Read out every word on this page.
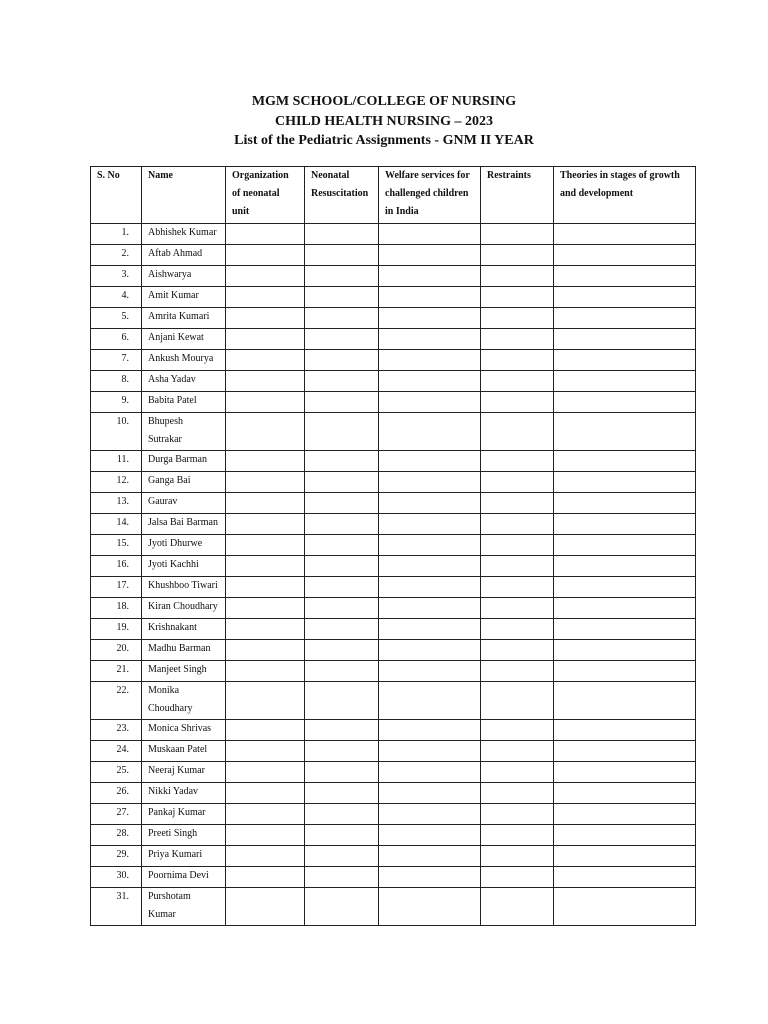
MGM SCHOOL/COLLEGE OF NURSING
CHILD HEALTH NURSING – 2023
List of the Pediatric Assignments - GNM II YEAR
S. No	Name	Organization of neonatal unit	Neonatal Resuscitation	Welfare services for challenged children in India	Restraints	Theories in stages of growth and development
1.	Abhishek Kumar					
2.	Aftab Ahmad					
3.	Aishwarya					
4.	Amit Kumar					
5.	Amrita Kumari					
6.	Anjani Kewat					
7.	Ankush Mourya					
8.	Asha Yadav					
9.	Babita Patel					
10.	Bhupesh Sutrakar					
11.	Durga Barman					
12.	Ganga Bai					
13.	Gaurav					
14.	Jalsa Bai Barman					
15.	Jyoti Dhurwe					
16.	Jyoti Kachhi					
17.	Khushboo Tiwari					
18.	Kiran Choudhary					
19.	Krishnakant					
20.	Madhu Barman					
21.	Manjeet Singh					
22.	Monika Choudhary					
23.	Monica Shrivas					
24.	Muskaan Patel					
25.	Neeraj Kumar					
26.	Nikki Yadav					
27.	Pankaj Kumar					
28.	Preeti Singh					
29.	Priya Kumari					
30.	Poornima Devi					
31.	Purshotam Kumar					
